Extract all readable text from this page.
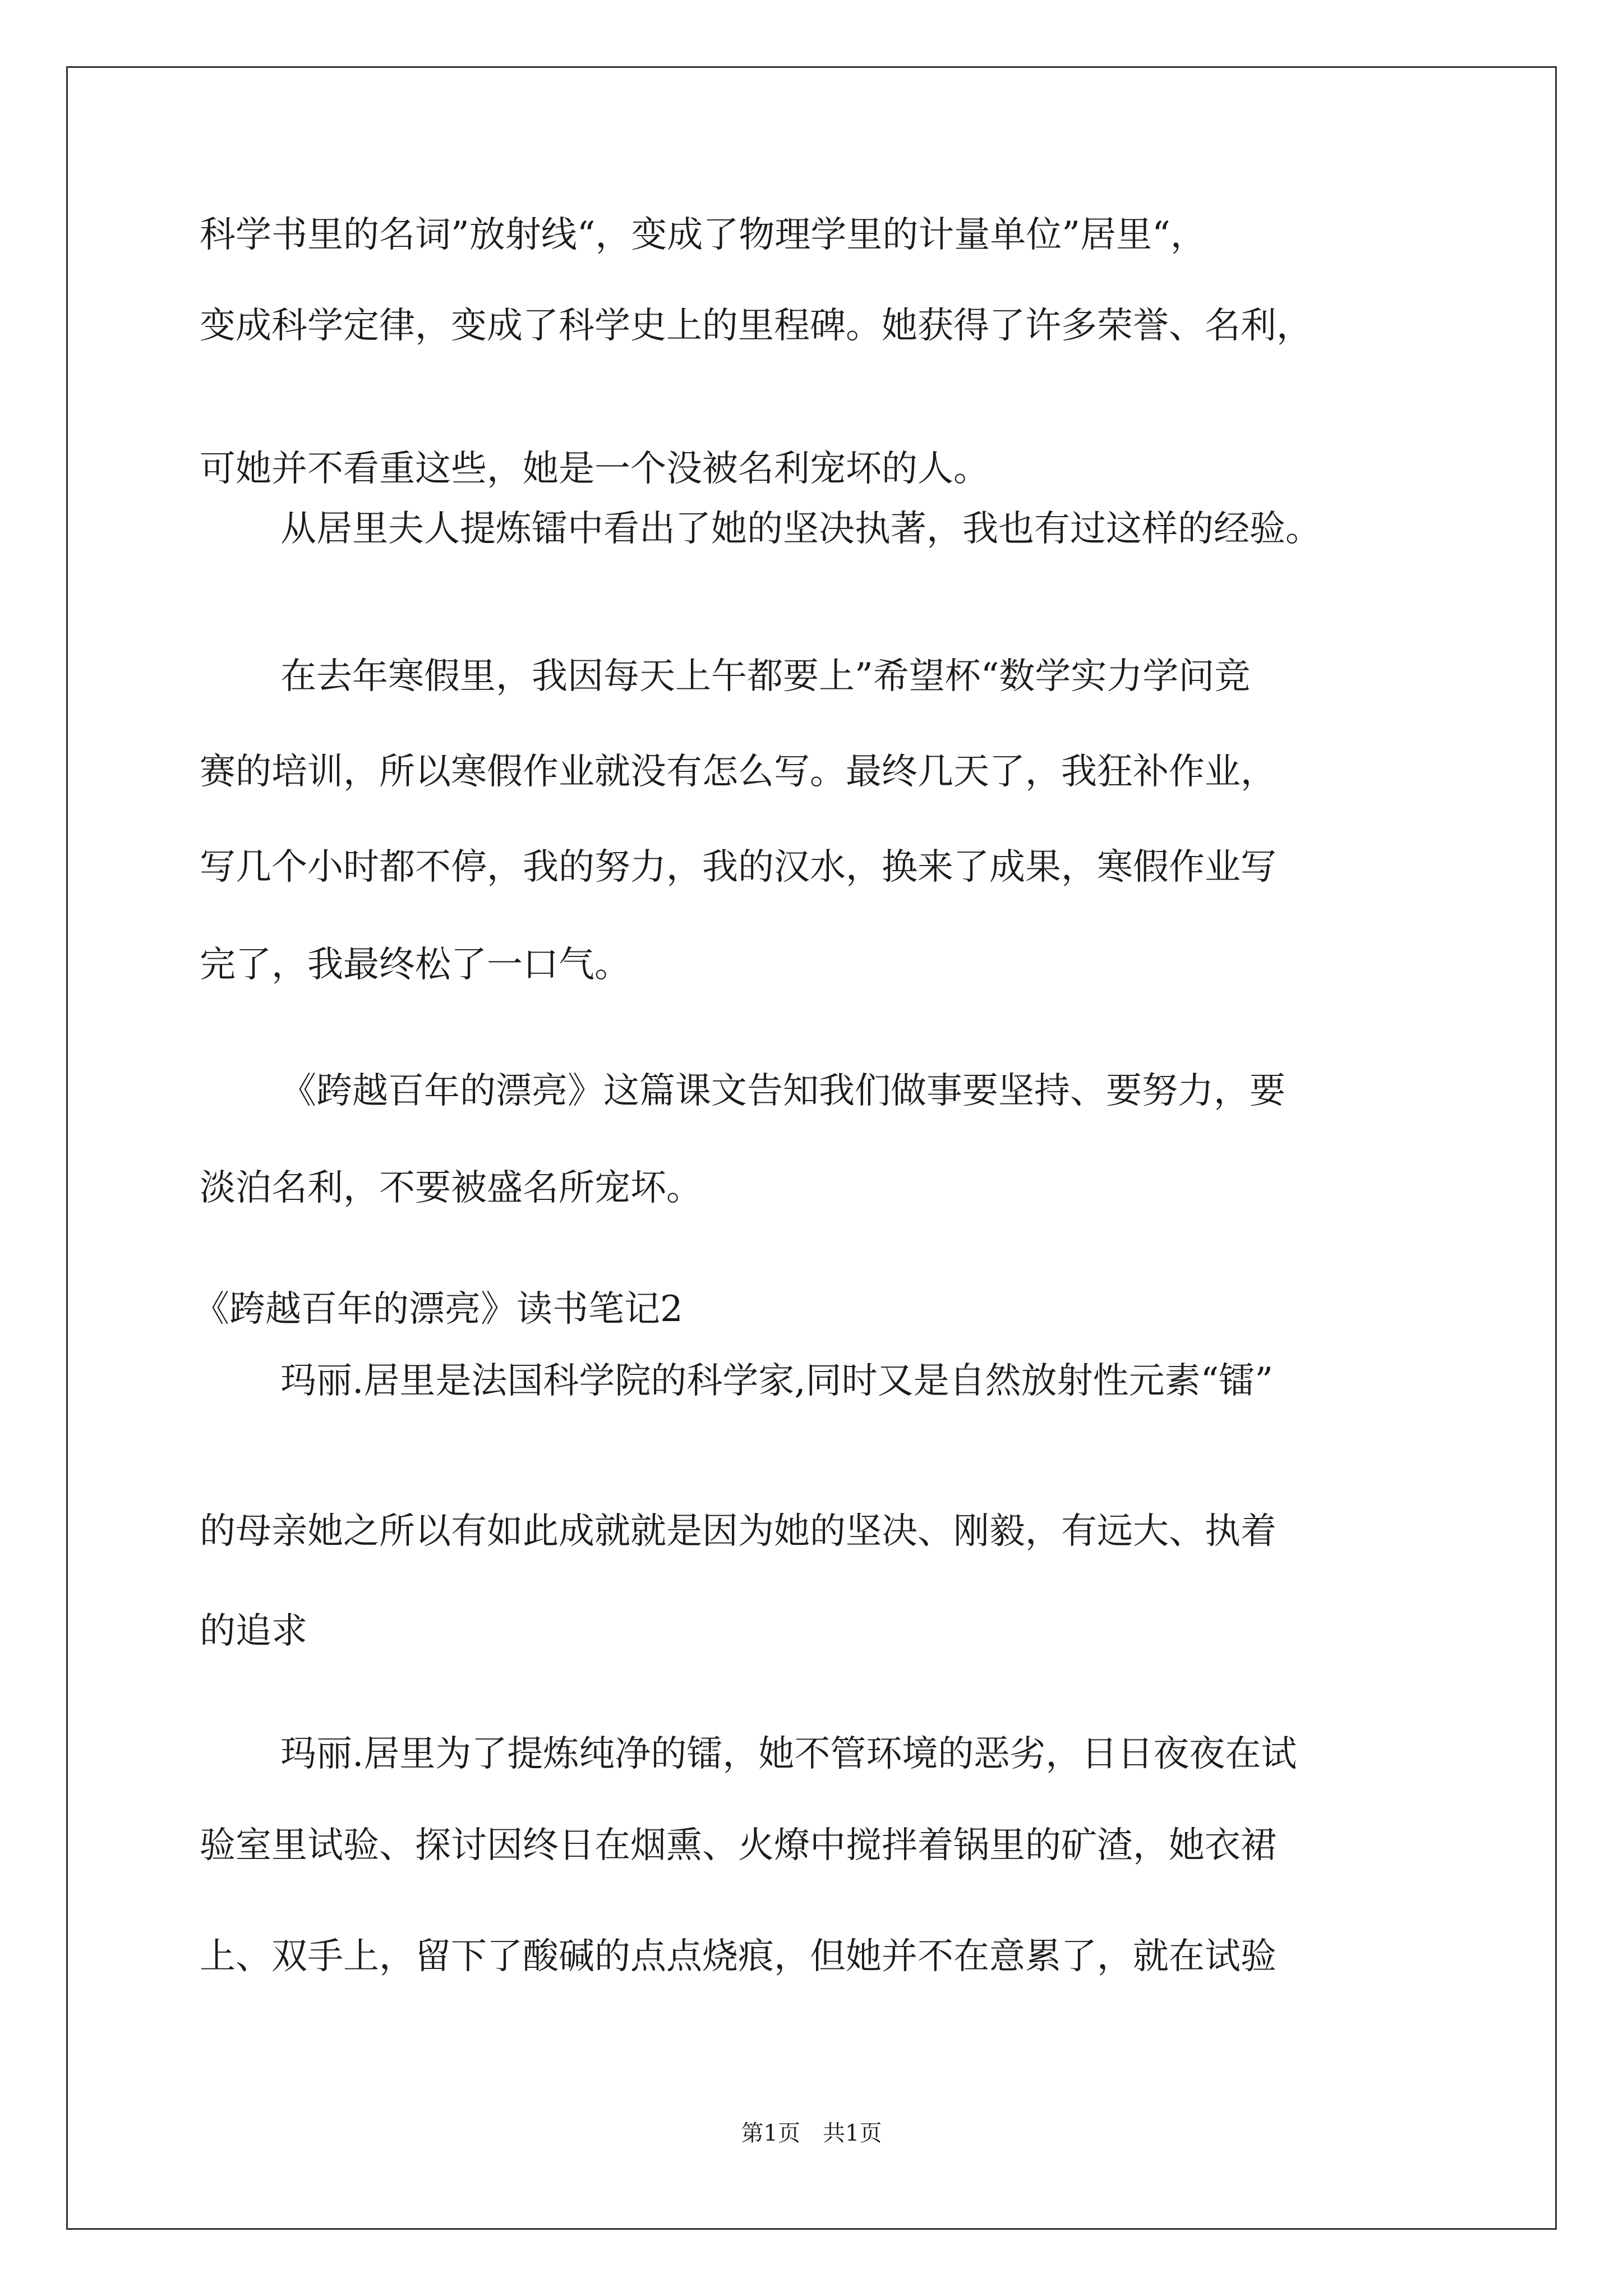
科学书里的名词”放射线“，变成了物理学里的计量单位”居里“，
变成科学定律，变成了科学史上的里程碑。她获得了许多荣誉、名利，
可她并不看重这些，她是一个没被名利宠坏的人。
从居里夫人提炼镭中看出了她的坚决执著，我也有过这样的经验。
在去年寒假里，我因每天上午都要上”希望杯“数学实力学问竞
赛的培训，所以寒假作业就没有怎么写。最终几天了，我狂补作业，
写几个小时都不停，我的努力，我的汉水，换来了成果，寒假作业写
完了，我最终松了一口气。
《跨越百年的漂亮》这篇课文告知我们做事要坚持、要努力，要
淡泊名利，不要被盛名所宠坏。
《跨越百年的漂亮》读书笔记2
玛丽.居里是法国科学院的科学家,同时又是自然放射性元素“镭”
的母亲她之所以有如此成就就是因为她的坚决、刚毅，有远大、执着
的追求
玛丽.居里为了提炼纯净的镭，她不管环境的恶劣，日日夜夜在试
验室里试验、探讨因终日在烟熏、火燎中搅拌着锅里的矿渣，她衣裙
上、双手上，留下了酸碱的点点烧痕，但她并不在意累了，就在试验
第1页　共1页
